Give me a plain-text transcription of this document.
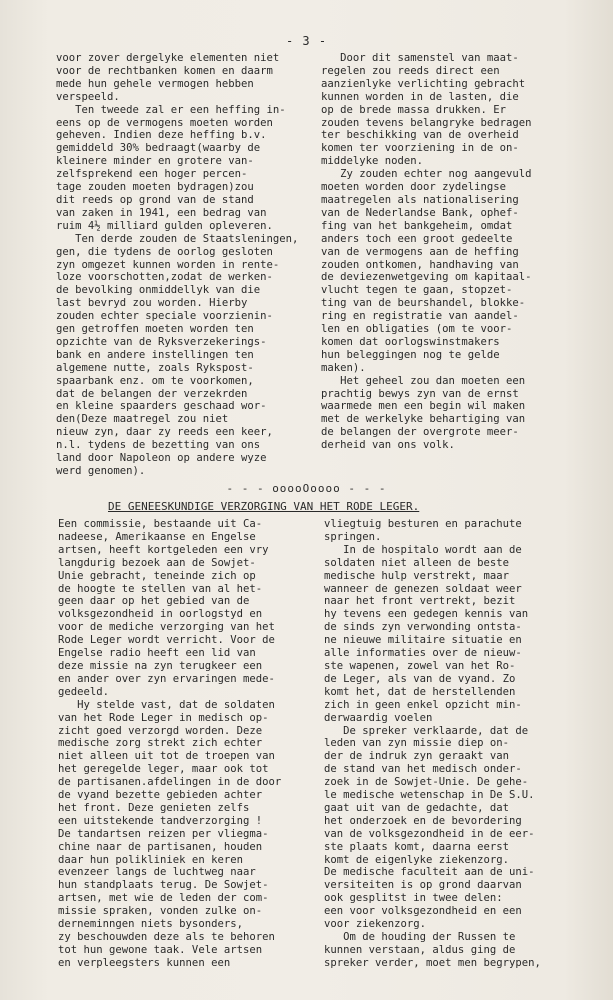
- 3 -
voor zover dergelyke elementen niet
voor de rechtbanken komen en daarm
mede hun gehele vermogen hebben
verspeeld.
Ten tweede zal er een heffing in-
eens op de vermogens moeten worden
geheven. Indien deze heffing b.v.
gemiddeld 30% bedraagt(waarby de
kleinere minder en grotere van-
zelfsprekend een hoger percen-
tage zouden moeten bydragen)zou
dit reeds op grond van de stand
van zaken in 1941, een bedrag van
ruim 4½ milliard gulden opleveren.
Ten derde zouden de Staatsleningen,
gen, die tydens de oorlog gesloten
zyn omgezet kunnen worden in rente-
loze voorschotten,zodat de werken-
de bevolking onmiddellyk van die
last bevryd zou worden. Hierby
zouden echter speciale voorzienin-
gen getroffen moeten worden ten
opzichte van de Ryksverzekerings-
bank en andere instellingen ten
algemene nutte, zoals Rykspost-
spaarbank enz. om te voorkomen,
dat de belangen der verzekrden
en kleine spaarders geschaad wor-
den(Deze maatregel zou niet
nieuw zyn, daar zy reeds een keer,
n.l. tydens de bezetting van ons
land door Napoleon op andere wyze
werd genomen).
Door dit samenstel van maat-
regelen zou reeds direct een
aanzienlyke verlichting gebracht
kunnen worden in de lasten, die
op de brede massa drukken. Er
zouden tevens belangryke bedragen
ter beschikking van de overheid
komen ter voorziening in de on-
middelyke noden.
Zy zouden echter nog aangevuld
moeten worden door zydelingse
maatregelen als nationalisering
van de Nederlandse Bank, ophef-
fing van het bankgeheim, omdat
anders toch een groot gedeelte
van de vermogens aan de heffing
zouden ontkomen, handhaving van
de deviezenwetgeving om kapitaal-
vlucht tegen te gaan, stopzet-
ting van de beurshandel, blokke-
ring en registratie van aandel-
len en obligaties (om te voor-
komen dat oorlogswinstmakers
hun beleggingen nog te gelde
maken).
Het geheel zou dan moeten een
prachtig bewys zyn van de ernst
waarmede men een begin wil maken
met de werkelyke behartiging van
de belangen der overgrote meer-
derheid van ons volk.
- - - ooooOoooo - - -
DE GENEESKUNDIGE VERZORGING VAN HET RODE LEGER.
Een commissie, bestaande uit Ca-
nadeese, Amerikaanse en Engelse
artsen, heeft kortgeleden een vry
langdurig bezoek aan de Sowjet-
Unie gebracht, teneinde zich op
de hoogte te stellen van al het-
geen daar op het gebied van de
volksgezondheid in oorlogstyd en
voor de mediche verzorging van het
Rode Leger wordt verricht. Voor de
Engelse radio heeft een lid van
deze missie na zyn terugkeer een
en ander over zyn ervaringen mede-
gedeeld.
Hy stelde vast, dat de soldaten
van het Rode Leger in medisch op-
zicht goed verzorgd worden. Deze
medische zorg strekt zich echter
niet alleen uit tot de troepen van
het geregelde leger, maar ook tot
de partisanen.afdelingen in de door
de vyand bezette gebieden achter
het front. Deze genieten zelfs
een uitstekende tandverzorging !
De tandartsen reizen per vliegma-
chine naar de partisanen, houden
daar hun polikliniek en keren
evenzeer langs de luchtweg naar
hun standplaats terug. De Sowjet-
artsen, met wie de leden der com-
missie spraken, vonden zulke on-
derneminngen niets bysonders,
zy beschouwden deze als te behoren
tot hun gewone taak. Vele artsen
en verpleegsters kunnen een
vliegtuig besturen en parachute
springen.
In de hospitalo wordt aan de
soldaten niet alleen de beste
medische hulp verstrekt, maar
wanneer de genezen soldaat weer
naar het front vertrekt, bezit
hy tevens een gedegen kennis van
de sinds zyn verwonding ontsta-
ne nieuwe militaire situatie en
alle informaties over de nieuw-
ste wapenen, zowel van het Ro-
de Leger, als van de vyand. Zo
komt het, dat de herstellenden
zich in geen enkel opzicht min-
derwaardig voelen
De spreker verklaarde, dat de
leden van zyn missie diep on-
der de indruk zyn geraakt van
de stand van het medisch onder-
zoek in de Sowjet-Unie. De gehe-
le medische wetenschap in De S.U.
gaat uit van de gedachte, dat
het onderzoek en de bevordering
van de volksgezondheid in de eer-
ste plaats komt, daarna eerst
komt de eigenlyke ziekenzorg.
De medische faculteit aan de uni-
versiteiten is op grond daarvan
ook gesplitst in twee delen:
een voor volksgezondheid en een
voor ziekenzorg.
Om de houding der Russen te
kunnen verstaan, aldus ging de
spreker verder, moet men begrypen,
